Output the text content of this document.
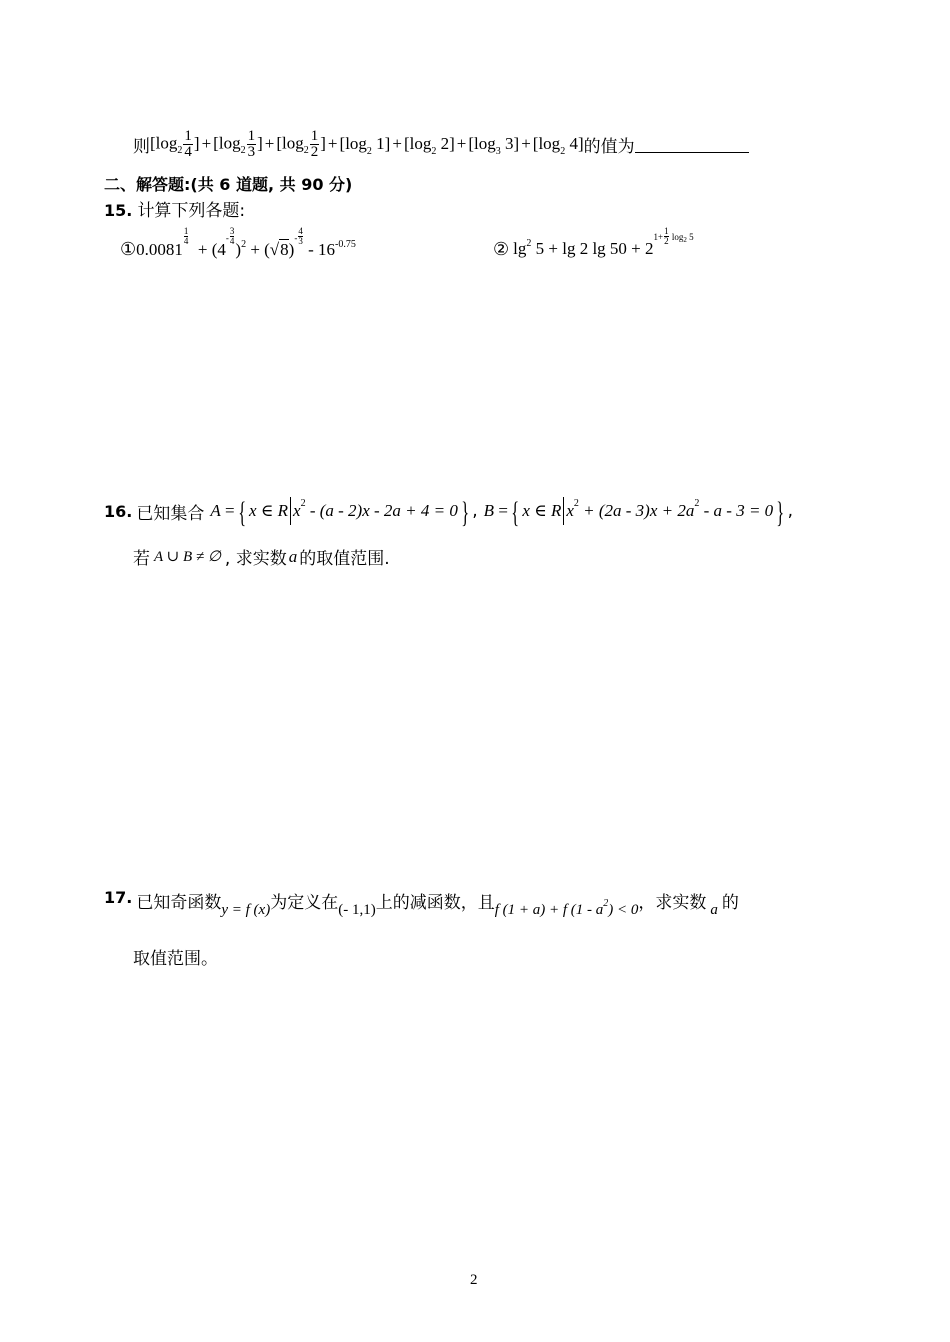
则 [$\log_2 \frac{1}{4}$ ] + [$\log_2 \frac{1}{3}$ ] + [$\log_2 \frac{1}{2}$ ] + [$\log_2$ $1] + [\log_2$ $2] + [\log_3$ $3] + [\log_2$ 4] 的值为
二、解答题:(共 6 道题, 共 90 分)
15. 计算下列各题:
① 0.0081
$\frac{1}{4}$
+ ($4^- \frac{3}{4}$
)$^2 + (√8)^- \frac{4}{3}$
- $16^{-0.75}$	② $\lg^2 5 + \lg 2$ lg 50 + 2
$1+ \frac{1}{2}$
log 2
5
16. 已知集合 A = { x
∈
R x 2
- (a - 2)x - 2a + 4 = 0 } , B = { x
∈
R x 2
+ (2a - 3)x + 2a 2
- a - 3 = 0 } ,
若 A ∪ B ≠ ∅ , 求实数 a 的取值范围.
17. 已知奇函数 y = f (x) 为定义在 (- 1,1) 上的减函数，且 f (1 + a) + f $(1 - a^2) < 0$ ，求实数 a 的
取值范围。
2
